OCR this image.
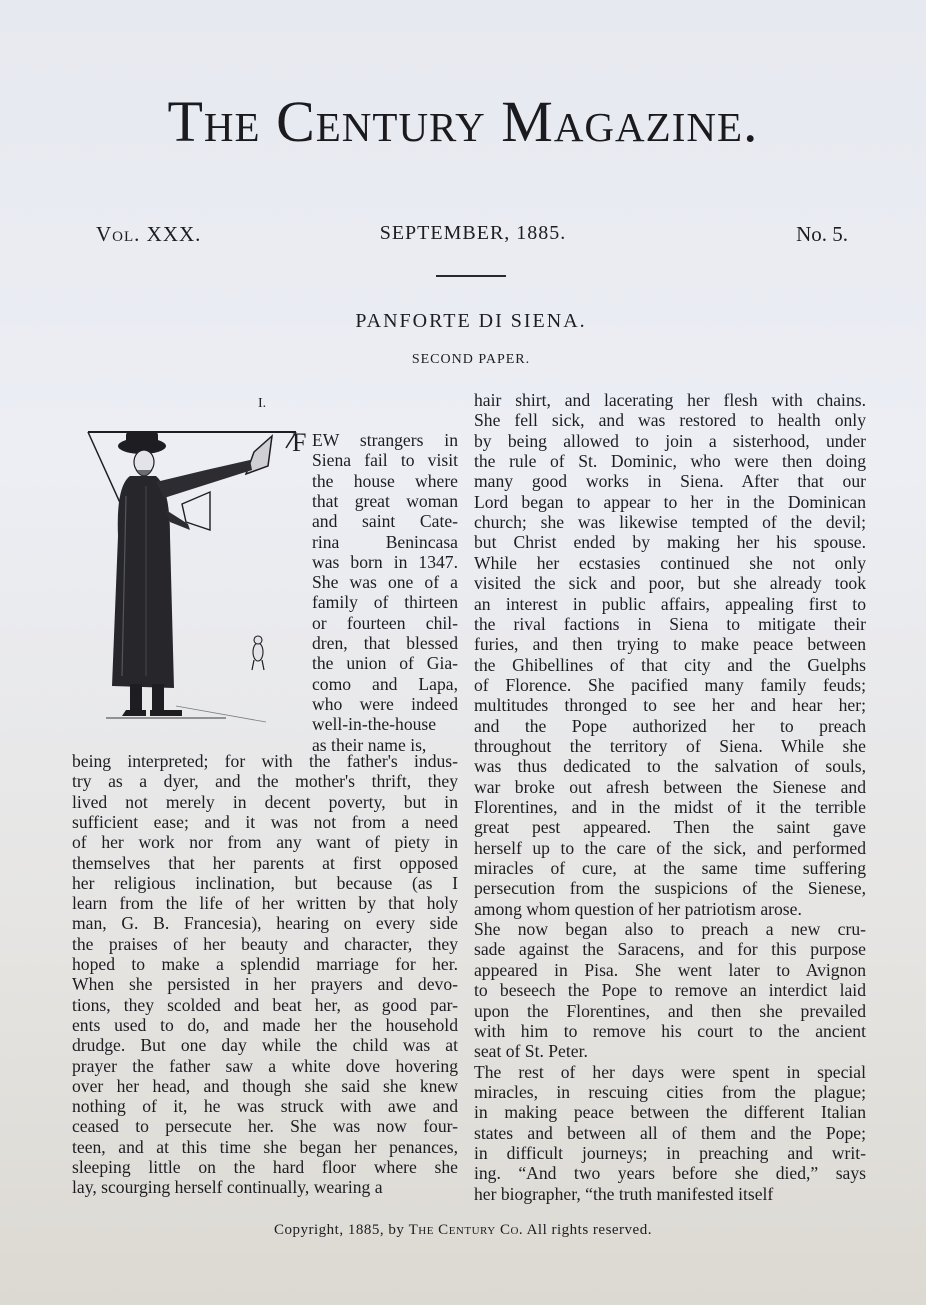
The Century Magazine.
Vol. XXX.	SEPTEMBER, 1885.	No. 5.
PANFORTE DI SIENA.
SECOND PAPER.
I.
F EW strangers in
Siena fail to visit
the house where
that great woman
and saint Cate-
rina Benincasa
was born in 1347.
She was one of a
family of thirteen
or fourteen chil-
dren, that blessed
the union of Gia-
como and Lapa,
who were indeed
well-in-the-house
as their name is,
being interpreted; for with the father's indus-
try as a dyer, and the mother's thrift, they
lived not merely in decent poverty, but in
sufficient ease; and it was not from a need
of her work nor from any want of piety in
themselves that her parents at first opposed
her religious inclination, but because (as I
learn from the life of her written by that holy
man, G. B. Francesia), hearing on every side
the praises of her beauty and character, they
hoped to make a splendid marriage for her.
When she persisted in her prayers and devo-
tions, they scolded and beat her, as good par-
ents used to do, and made her the household
drudge. But one day while the child was at
prayer the father saw a white dove hovering
over her head, and though she said she knew
nothing of it, he was struck with awe and
ceased to persecute her. She was now four-
teen, and at this time she began her penances,
sleeping little on the hard floor where she
lay, scourging herself continually, wearing a
hair shirt, and lacerating her flesh with chains.
She fell sick, and was restored to health only
by being allowed to join a sisterhood, under
the rule of St. Dominic, who were then doing
many good works in Siena. After that our
Lord began to appear to her in the Dominican
church; she was likewise tempted of the devil;
but Christ ended by making her his spouse.
While her ecstasies continued she not only
visited the sick and poor, but she already took
an interest in public affairs, appealing first to
the rival factions in Siena to mitigate their
furies, and then trying to make peace between
the Ghibellines of that city and the Guelphs
of Florence. She pacified many family feuds;
multitudes thronged to see her and hear her;
and the Pope authorized her to preach
throughout the territory of Siena. While she
was thus dedicated to the salvation of souls,
war broke out afresh between the Sienese and
Florentines, and in the midst of it the terrible
great pest appeared. Then the saint gave
herself up to the care of the sick, and performed
miracles of cure, at the same time suffering
persecution from the suspicions of the Sienese,
among whom question of her patriotism arose.
She now began also to preach a new cru-
sade against the Saracens, and for this purpose
appeared in Pisa. She went later to Avignon
to beseech the Pope to remove an interdict laid
upon the Florentines, and then she prevailed
with him to remove his court to the ancient
seat of St. Peter.
The rest of her days were spent in special
miracles, in rescuing cities from the plague;
in making peace between the different Italian
states and between all of them and the Pope;
in difficult journeys; in preaching and writ-
ing. “And two years before she died,” says
her biographer, “the truth manifested itself
Copyright, 1885, by The Century Co. All rights reserved.
